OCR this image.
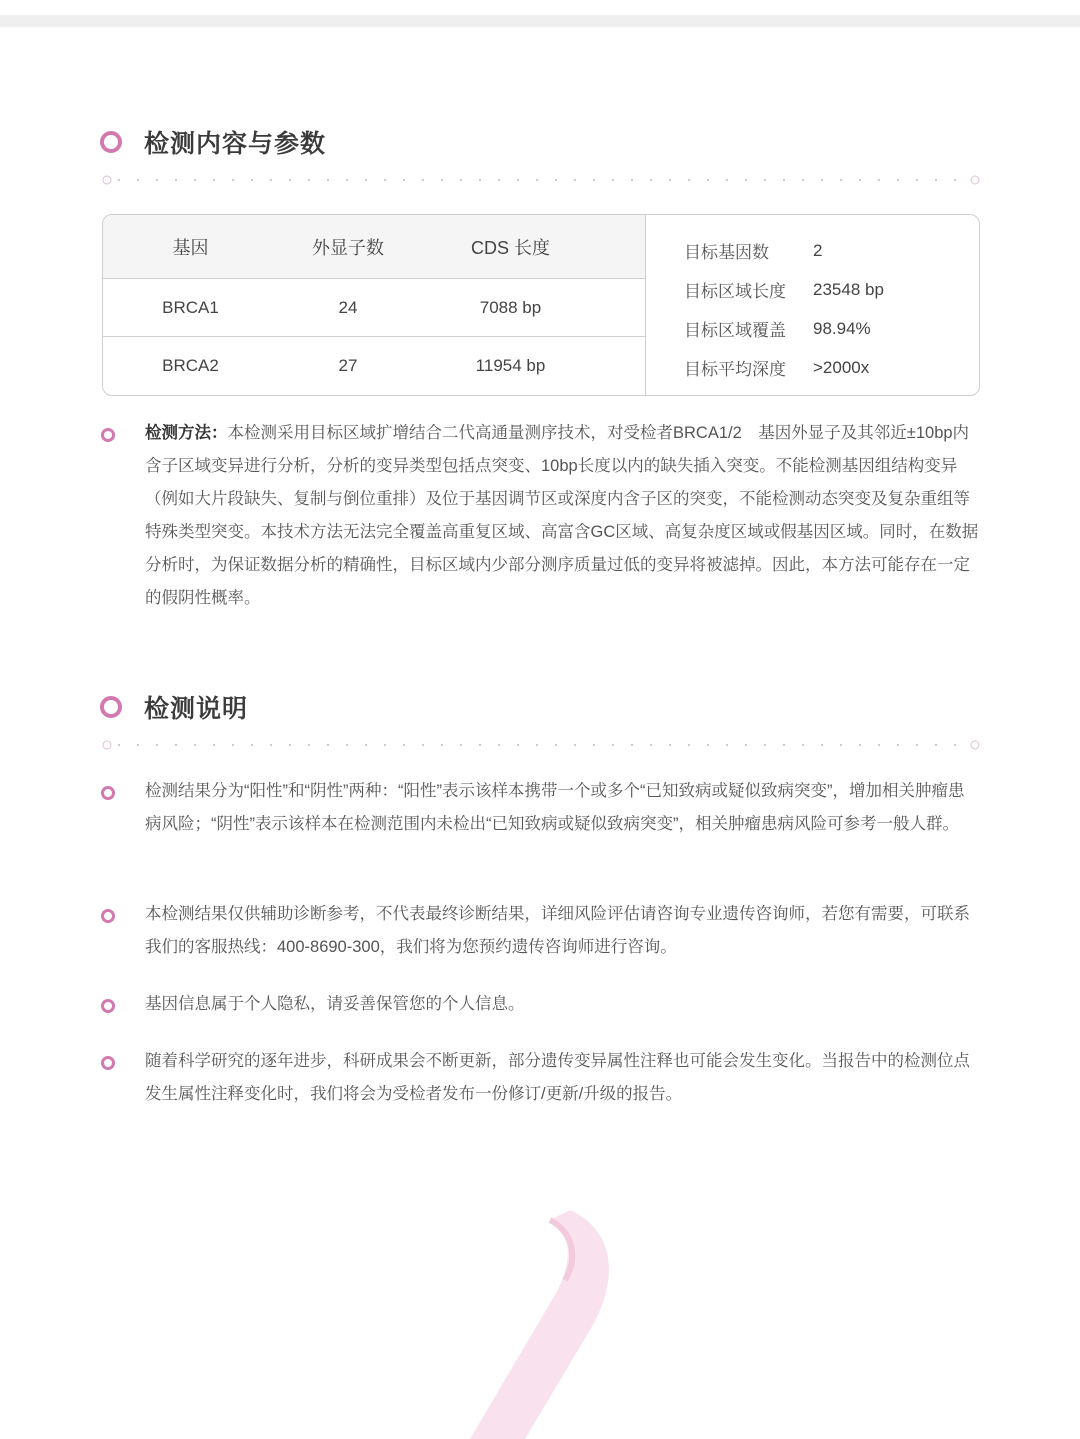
检测内容与参数
基因	外显子数	CDS 长度
BRCA1	24	7088 bp
BRCA2	27	11954 bp
目标基因数	2
目标区域长度	23548 bp
目标区域覆盖	98.94%
目标平均深度	>2000x
检测方法：本检测采用目标区域扩增结合二代高通量测序技术，对受检者BRCA1/2　基因外显子及其邻近±10bp内含子区域变异进行分析，分析的变异类型包括点突变、10bp长度以内的缺失插入突变。不能检测基因组结构变异（例如大片段缺失、复制与倒位重排）及位于基因调节区或深度内含子区的突变，不能检测动态突变及复杂重组等特殊类型突变。本技术方法无法完全覆盖高重复区域、高富含GC区域、高复杂度区域或假基因区域。同时，在数据分析时，为保证数据分析的精确性，目标区域内少部分测序质量过低的变异将被滤掉。因此，本方法可能存在一定的假阴性概率。
检测说明
检测结果分为“阳性”和“阴性”两种：“阳性”表示该样本携带一个或多个“已知致病或疑似致病突变”，增加相关肿瘤患病风险；“阴性”表示该样本在检测范围内未检出“已知致病或疑似致病突变”，相关肿瘤患病风险可参考一般人群。
本检测结果仅供辅助诊断参考，不代表最终诊断结果，详细风险评估请咨询专业遗传咨询师，若您有需要，可联系我们的客服热线：400-8690-300，我们将为您预约遗传咨询师进行咨询。
基因信息属于个人隐私，请妥善保管您的个人信息。
随着科学研究的逐年进步，科研成果会不断更新，部分遗传变异属性注释也可能会发生变化。当报告中的检测位点发生属性注释变化时，我们将会为受检者发布一份修订/更新/升级的报告。
